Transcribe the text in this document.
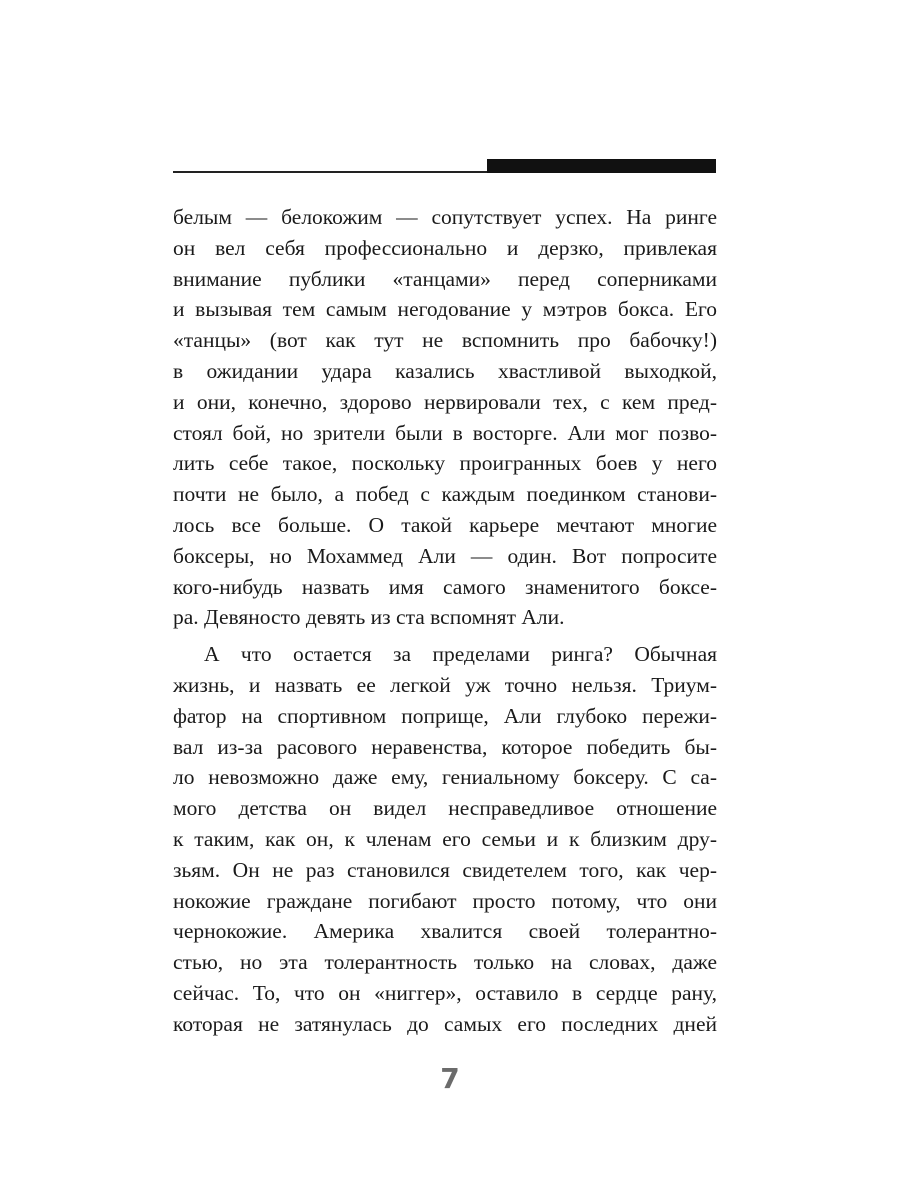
белым — белокожим — сопутствует успех. На ринге
он вел себя профессионально и дерзко, привлекая
внимание публики «танцами» перед соперниками
и вызывая тем самым негодование у мэтров бокса. Его
«танцы» (вот как тут не вспомнить про бабочку!)
в ожидании удара казались хвастливой выходкой,
и они, конечно, здорово нервировали тех, с кем пред-
стоял бой, но зрители были в восторге. Али мог позво-
лить себе такое, поскольку проигранных боев у него
почти не было, а побед с каждым поединком станови-
лось все больше. О такой карьере мечтают многие
боксеры, но Мохаммед Али — один. Вот попросите
кого-нибудь назвать имя самого знаменитого боксе-
ра. Девяносто девять из ста вспомнят Али.
А что остается за пределами ринга? Обычная
жизнь, и назвать ее легкой уж точно нельзя. Триум-
фатор на спортивном поприще, Али глубоко пережи-
вал из-за расового неравенства, которое победить бы-
ло невозможно даже ему, гениальному боксеру. С са-
мого детства он видел несправедливое отношение
к таким, как он, к членам его семьи и к близким дру-
зьям. Он не раз становился свидетелем того, как чер-
нокожие граждане погибают просто потому, что они
чернокожие. Америка хвалится своей толерантно-
стью, но эта толерантность только на словах, даже
сейчас. То, что он «ниггер», оставило в сердце рану,
которая не затянулась до самых его последних дней
7
